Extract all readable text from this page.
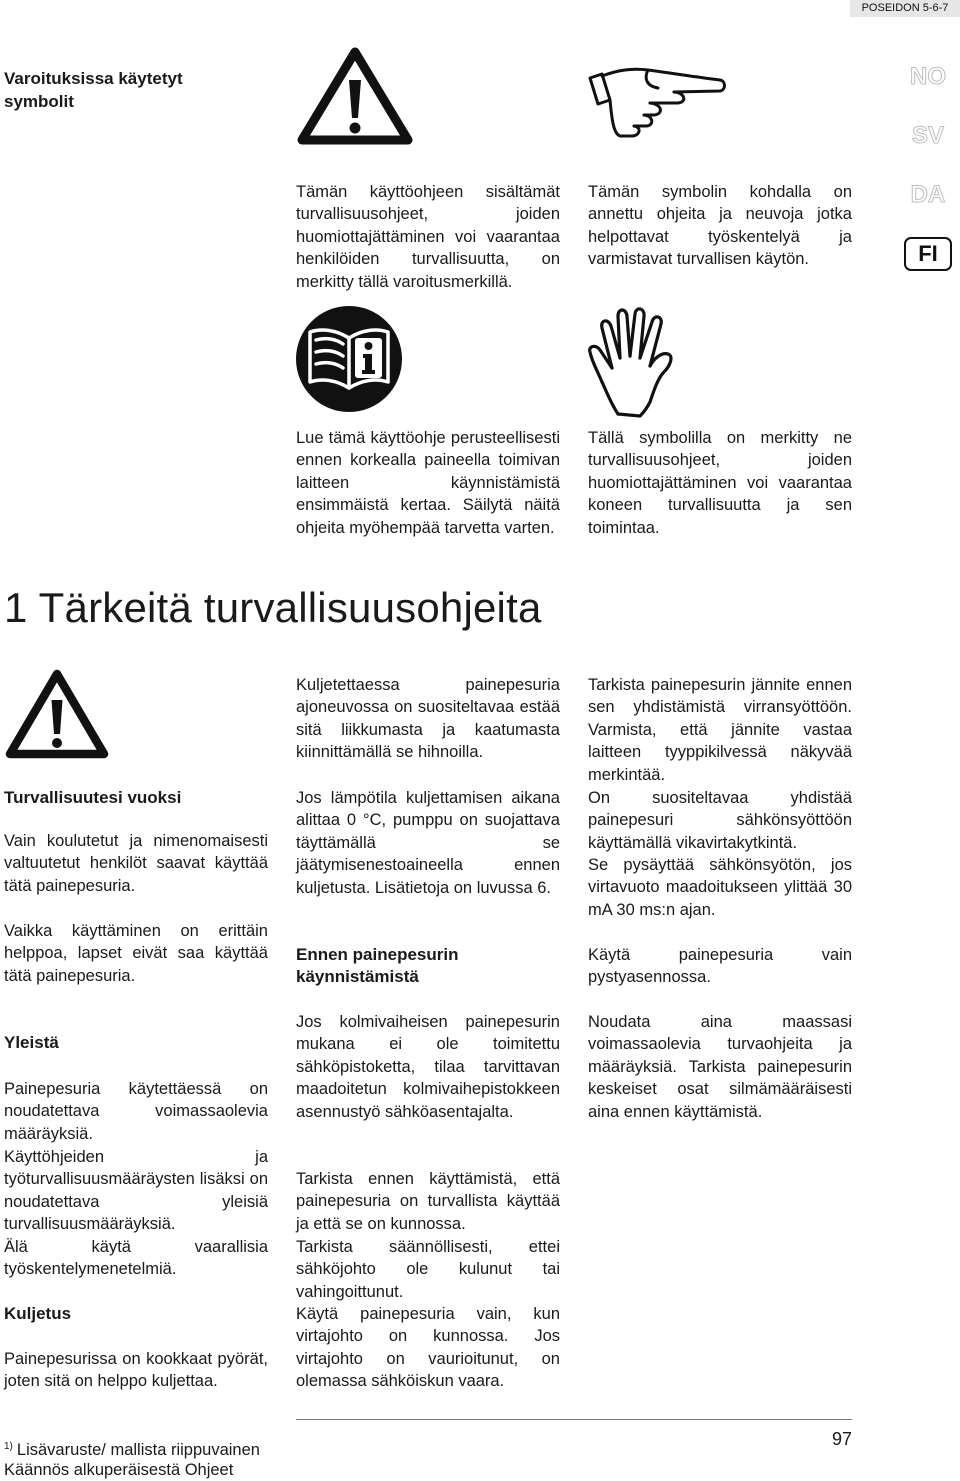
POSEIDON 5-6-7
NO
SV
DA
FI
Varoituksissa käytetyt symbolit
Tämän käyttöohjeen sisältämät turvallisuusohjeet, joiden huomiottajättäminen voi vaarantaa henkilöiden turvallisuutta, on merkitty tällä varoitusmerkillä.
Tämän symbolin kohdalla on annettu ohjeita ja neuvoja jotka helpottavat työskentelyä ja varmistavat turvallisen käytön.
Lue tämä käyttöohje perusteellisesti ennen korkealla paineella toimivan laitteen käynnistämistä ensimmäistä kertaa. Säilytä näitä ohjeita myöhempää tarvetta varten.
Tällä symbolilla on merkitty ne turvallisuusohjeet, joiden huomiottajättäminen voi vaarantaa koneen turvallisuutta ja sen toimintaa.
1 Tärkeitä turvallisuusohjeita
Turvallisuutesi vuoksi
Vain koulutetut ja nimenomaisesti valtuutetut henkilöt saavat käyttää tätä painepesuria.
Vaikka käyttäminen on erittäin helppoa, lapset eivät saa käyttää tätä painepesuria.
Yleistä
Painepesuria käytettäessä on noudatettava voimassaolevia määräyksiä.
Käyttöhjeiden ja työturvallisuusmääräysten lisäksi on noudatettava yleisiä turvallisuusmääräyksiä.
Älä käytä vaarallisia työskentelymenetelmiä.
Kuljetus
Painepesurissa on kookkaat pyörät, joten sitä on helppo kuljettaa.
Kuljetettaessa painepesuria ajoneuvossa on suositeltavaa estää sitä liikkumasta ja kaatumasta kiinnittämällä se hihnoilla.
Jos lämpötila kuljettamisen aikana alittaa 0 °C, pumppu on suojattava täyttämällä se jäätymisenestoaineella ennen kuljetusta. Lisätietoja on luvussa 6.
Ennen painepesurin käynnistämistä
Jos kolmivaiheisen painepesurin mukana ei ole toimitettu sähköpistoketta, tilaa tarvittavan maadoitetun kolmivaihepistokkeen asennustyö sähköasentajalta.
Tarkista ennen käyttämistä, että painepesuria on turvallista käyttää ja että se on kunnossa.
Tarkista säännöllisesti, ettei sähköjohto ole kulunut tai vahingoittunut.
Käytä painepesuria vain, kun virtajohto on kunnossa. Jos virtajohto on vaurioitunut, on olemassa sähköiskun vaara.
Tarkista painepesurin jännite ennen sen yhdistämistä virransyöttöön. Varmista, että jännite vastaa laitteen tyyppikilvessä näkyvää merkintää.
On suositeltavaa yhdistää painepesuri sähkönsyöttöön käyttämällä vikavirtakytkintä.
Se pysäyttää sähkönsyötön, jos virtavuoto maadoitukseen ylittää 30 mA 30 ms:n ajan.
Käytä painepesuria vain pystyasennossa.
Noudata aina maassasi voimassaolevia turvaohjeita ja määräyksiä. Tarkista painepesurin keskeiset osat silmämääräisesti aina ennen käyttämistä.
97
$^{1)}$ Lisävaruste/ mallista riippuvainen
Käännös alkuperäisestä Ohjeet
